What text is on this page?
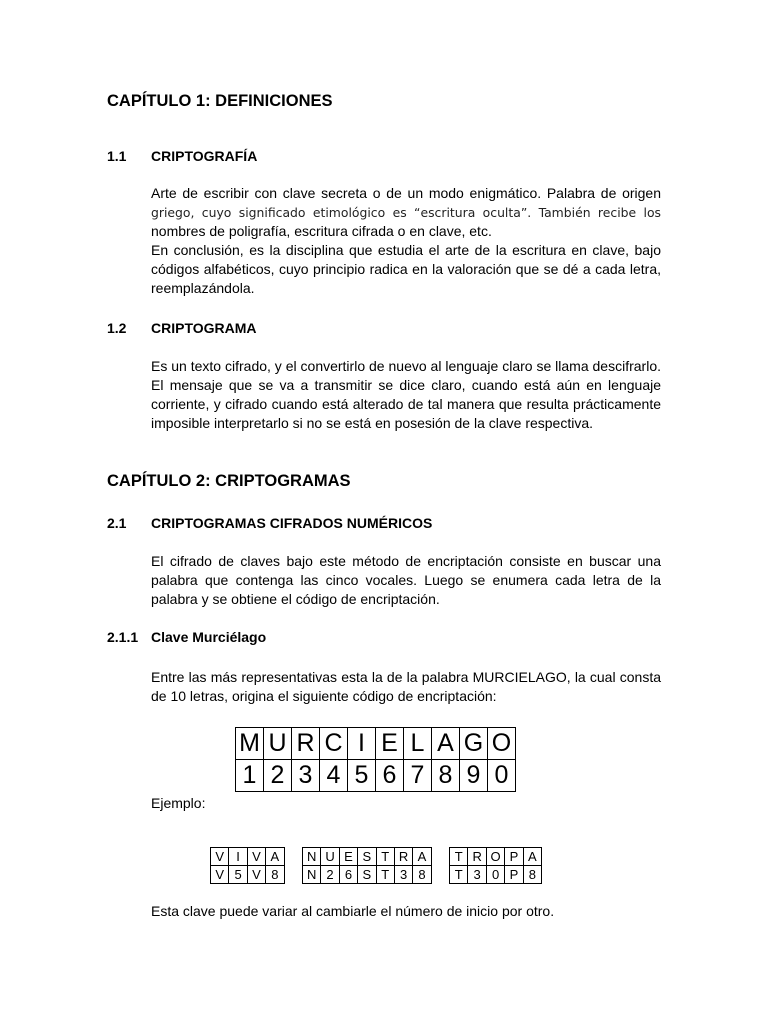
CAPÍTULO 1: DEFINICIONES
1.1 CRIPTOGRAFÍA

Arte de escribir con clave secreta o de un modo enigmático. Palabra de origen

griego, cuyo significado etimológico es “escritura oculta”. También recibe los

nombres de poligrafía, escritura cifrada o en clave, etc.

En conclusión, es la disciplina que estudia el arte de la escritura en clave, bajo

códigos alfabéticos, cuyo principio radica en la valoración que se dé a cada letra,

reemplazándola.

1.2 CRIPTOGRAMA

Es un texto cifrado, y el convertirlo de nuevo al lenguaje claro se llama descifrarlo.

El mensaje que se va a transmitir se dice claro, cuando está aún en lenguaje

corriente, y cifrado cuando está alterado de tal manera que resulta prácticamente

imposible interpretarlo si no se está en posesión de la clave respectiva.

CAPÍTULO 2: CRIPTOGRAMAS
2.1 CRIPTOGRAMAS CIFRADOS NUMÉRICOS

El cifrado de claves bajo este método de encriptación consiste en buscar una

palabra que contenga las cinco vocales. Luego se enumera cada letra de la

palabra y se obtiene el código de encriptación.

2.1.1 Clave Murciélago

Entre las más representativas esta la de la palabra MURCIELAGO, la cual consta

de 10 letras, origina el siguiente código de encriptación:

M	U	R	C	I	E	L	A	G	O
1	2	3	4	5	6	7	8	9	0
Ejemplo:
V	I	V	A		N	U	E	S	T	R	A		T	R	O	P	A
V	5	V	8		N	2	6	S	T	3	8		T	3	0	P	8
Esta clave puede variar al cambiarle el número de inicio por otro.
